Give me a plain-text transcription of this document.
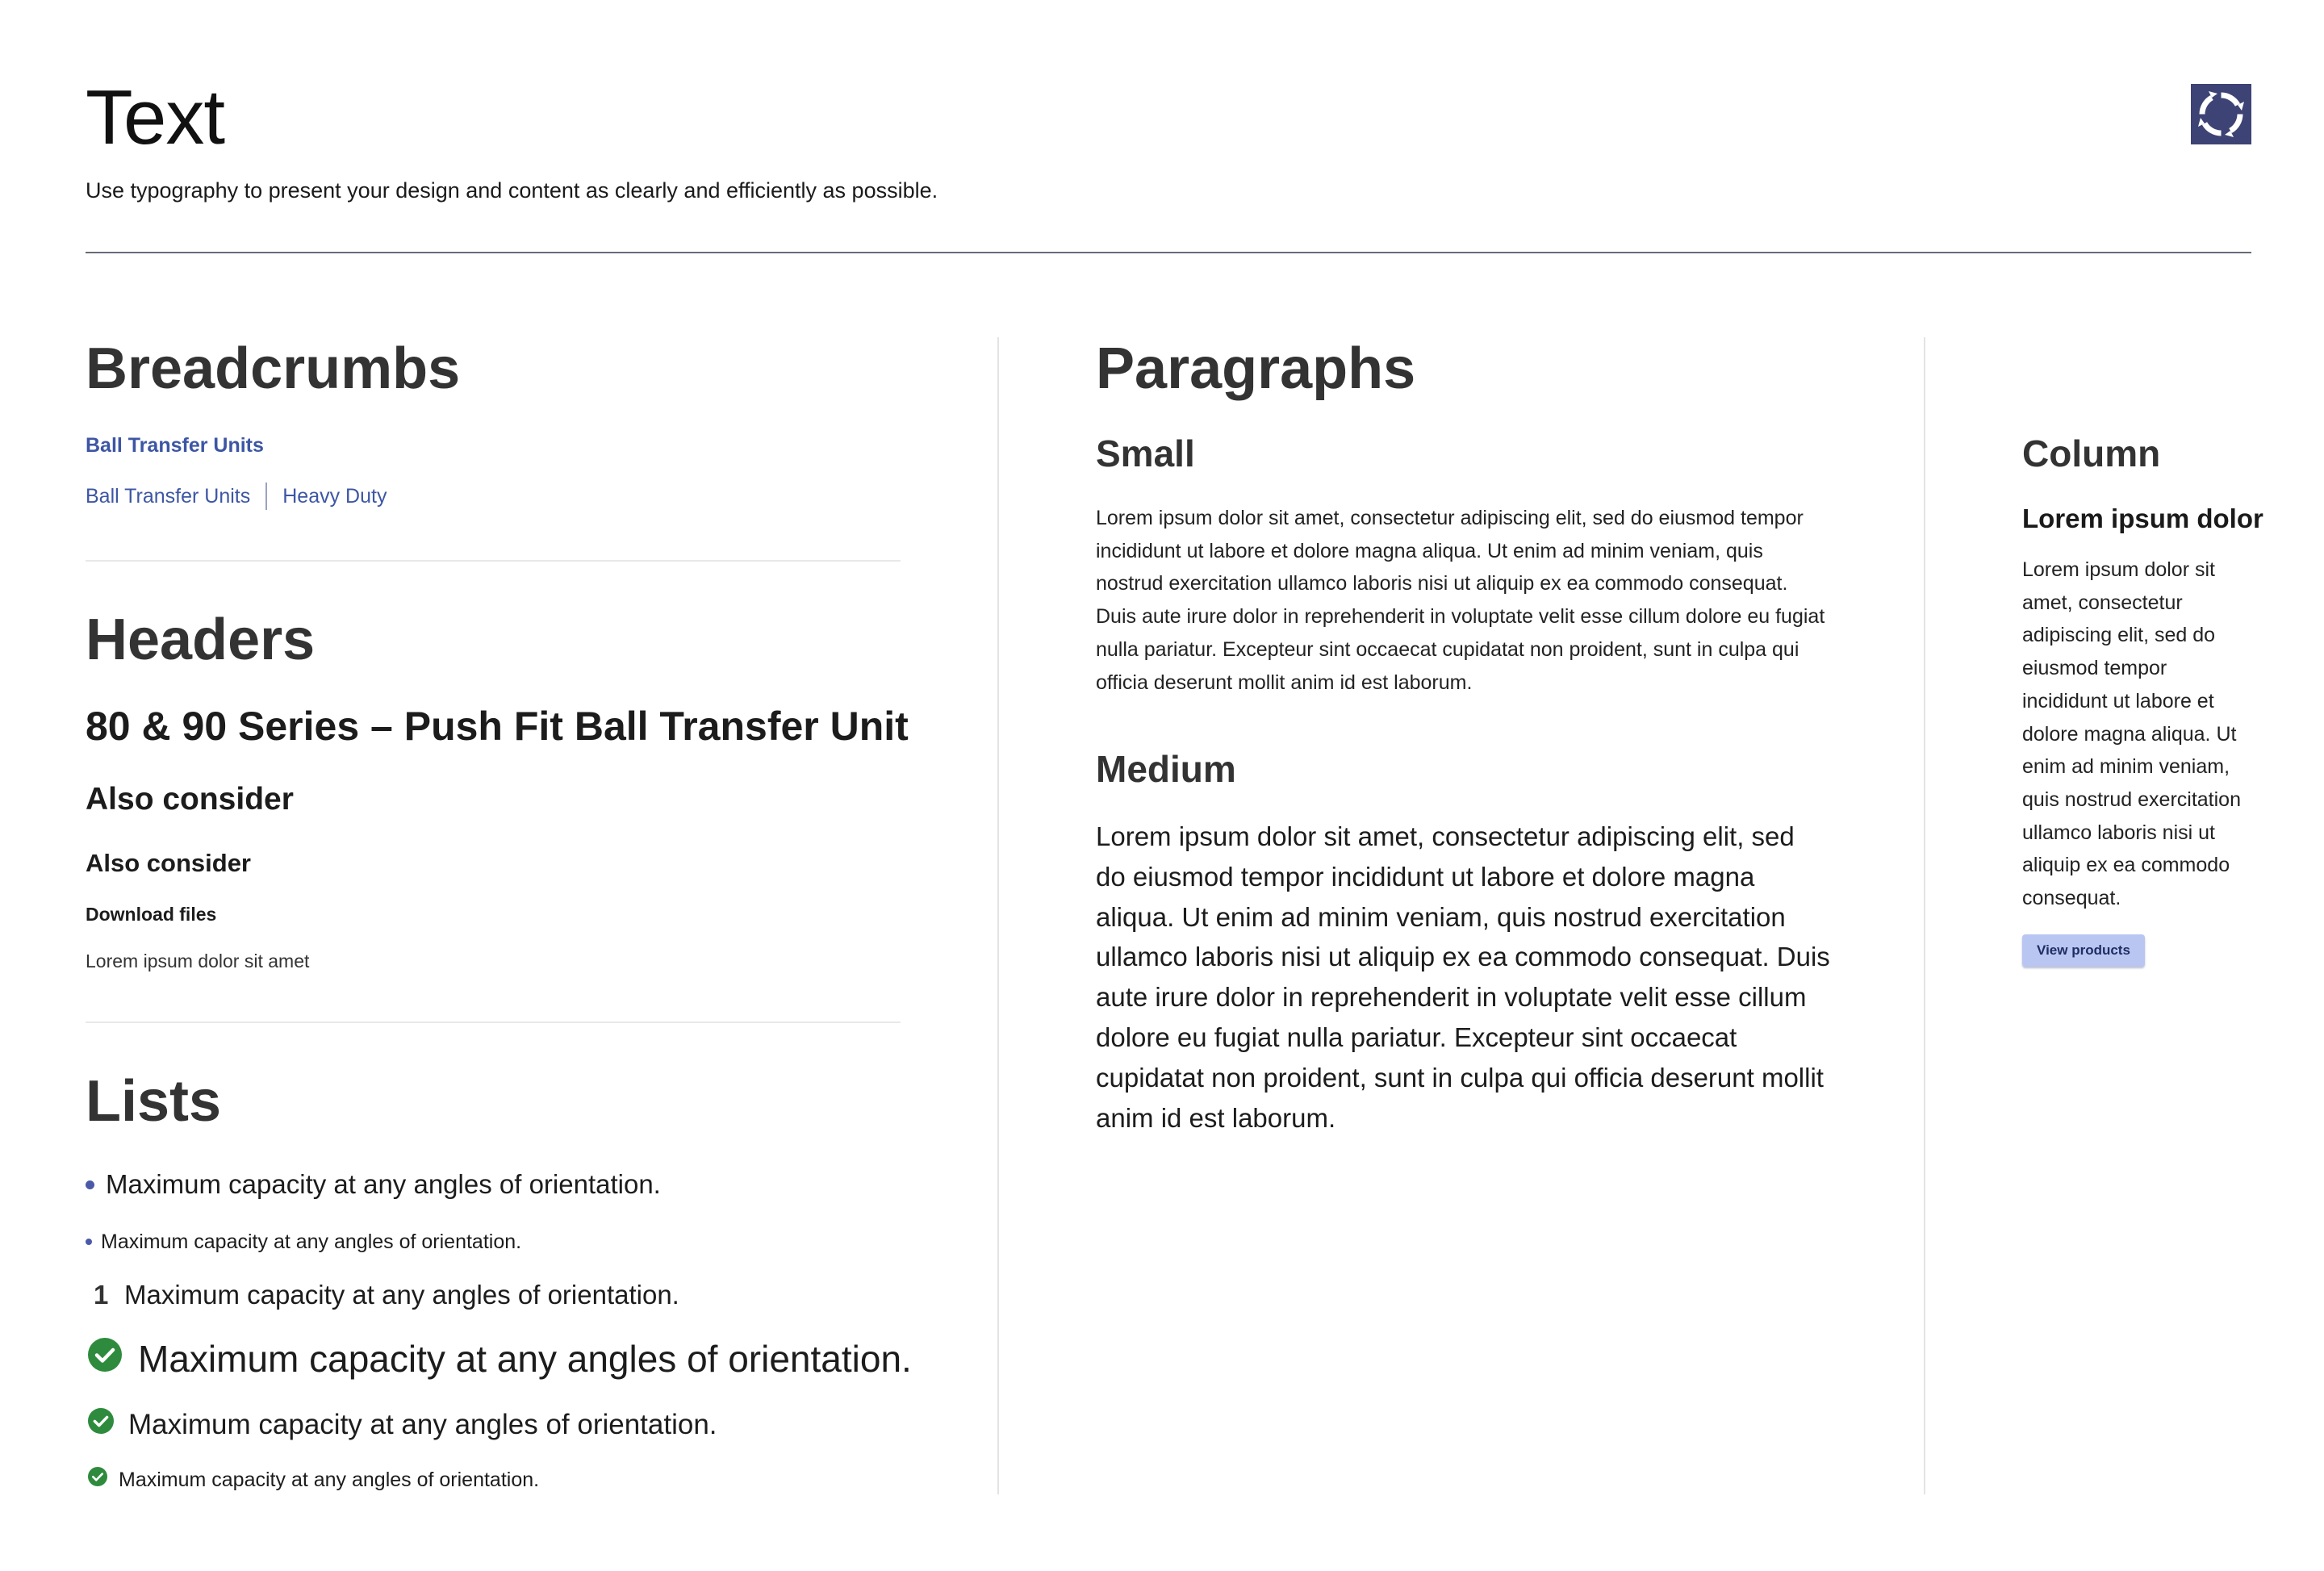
Text
Use typography to present your design and content as clearly and efficiently as possible.
Breadcrumbs
Ball Transfer Units
Ball Transfer Units Heavy Duty
Headers
80 & 90 Series – Push Fit Ball Transfer Unit
Also consider
Also consider
Download files
Lorem ipsum dolor sit amet
Lists
Maximum capacity at any angles of orientation.
Maximum capacity at any angles of orientation.
1 Maximum capacity at any angles of orientation.
Maximum capacity at any angles of orientation.
Maximum capacity at any angles of orientation.
Maximum capacity at any angles of orientation.
Paragraphs
Small

Lorem ipsum dolor sit amet, consectetur adipiscing elit, sed do eiusmod tempor incididunt ut labore et dolore magna aliqua. Ut enim ad minim veniam, quis nostrud exercitation ullamco laboris nisi ut aliquip ex ea commodo consequat. Duis aute irure dolor in reprehenderit in voluptate velit esse cillum dolore eu fugiat nulla pariatur. Excepteur sint occaecat cupidatat non proident, sunt in culpa qui officia deserunt mollit anim id est laborum.

Medium

Lorem ipsum dolor sit amet, consectetur adipiscing elit, sed do eiusmod tempor incididunt ut labore et dolore magna aliqua. Ut enim ad minim veniam, quis nostrud exercitation ullamco laboris nisi ut aliquip ex ea commodo consequat. Duis aute irure dolor in reprehenderit in voluptate velit esse cillum dolore eu fugiat nulla pariatur. Excepteur sint occaecat cupidatat non proident, sunt in culpa qui officia deserunt mollit anim id est laborum.

Column
Lorem ipsum dolor

Lorem ipsum dolor sit amet, consectetur adipiscing elit, sed do eiusmod tempor incididunt ut labore et dolore magna aliqua. Ut enim ad minim veniam, quis nostrud exercitation ullamco laboris nisi ut aliquip ex ea commodo consequat.

View products
